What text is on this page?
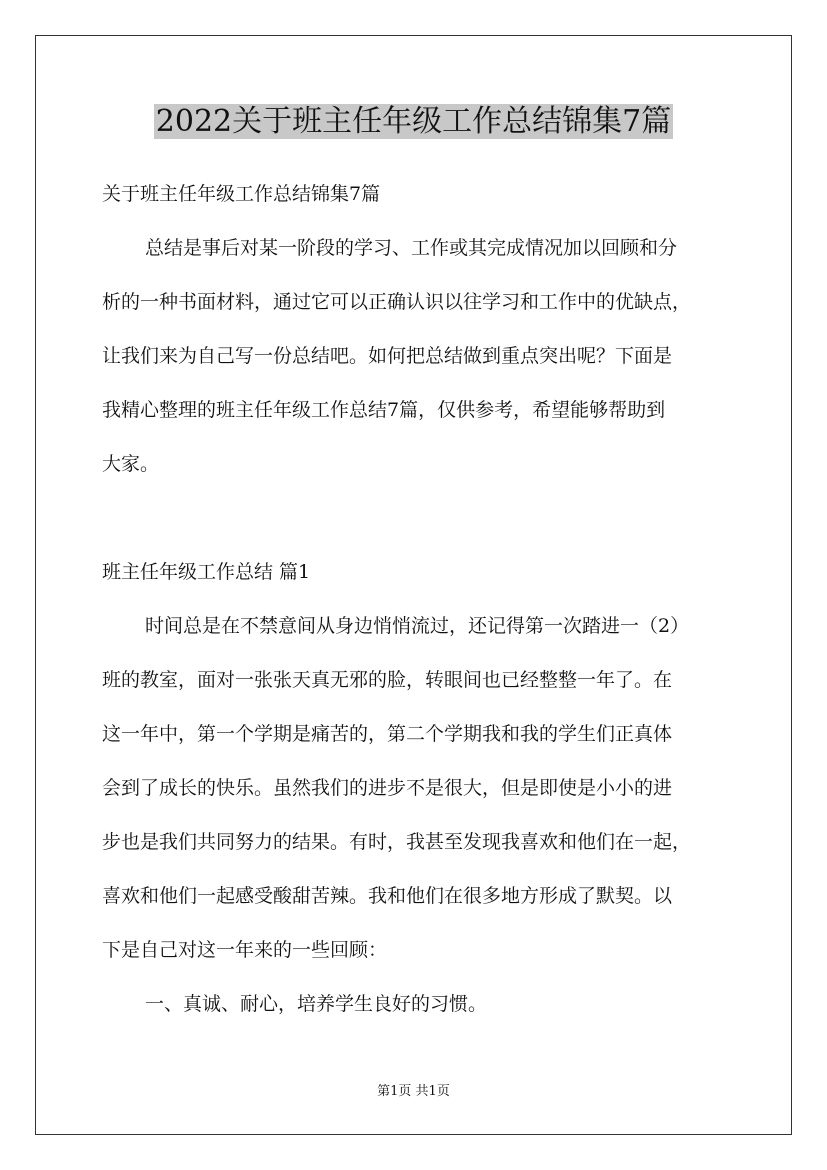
2022关于班主任年级工作总结锦集7篇

关于班主任年级工作总结锦集7篇

总结是事后对某一阶段的学习、工作或其完成情况加以回顾和分

析的一种书面材料，通过它可以正确认识以往学习和工作中的优缺点，

让我们来为自己写一份总结吧。如何把总结做到重点突出呢？下面是

我精心整理的班主任年级工作总结7篇，仅供参考，希望能够帮助到

大家。

班主任年级工作总结 篇1

时间总是在不禁意间从身边悄悄流过，还记得第一次踏进一（2）

班的教室，面对一张张天真无邪的脸，转眼间也已经整整一年了。在

这一年中，第一个学期是痛苦的，第二个学期我和我的学生们正真体

会到了成长的快乐。虽然我们的进步不是很大，但是即使是小小的进

步也是我们共同努力的结果。有时，我甚至发现我喜欢和他们在一起，

喜欢和他们一起感受酸甜苦辣。我和他们在很多地方形成了默契。以

下是自己对这一年来的一些回顾：

一、真诚、耐心，培养学生良好的习惯。

第1页 共1页
